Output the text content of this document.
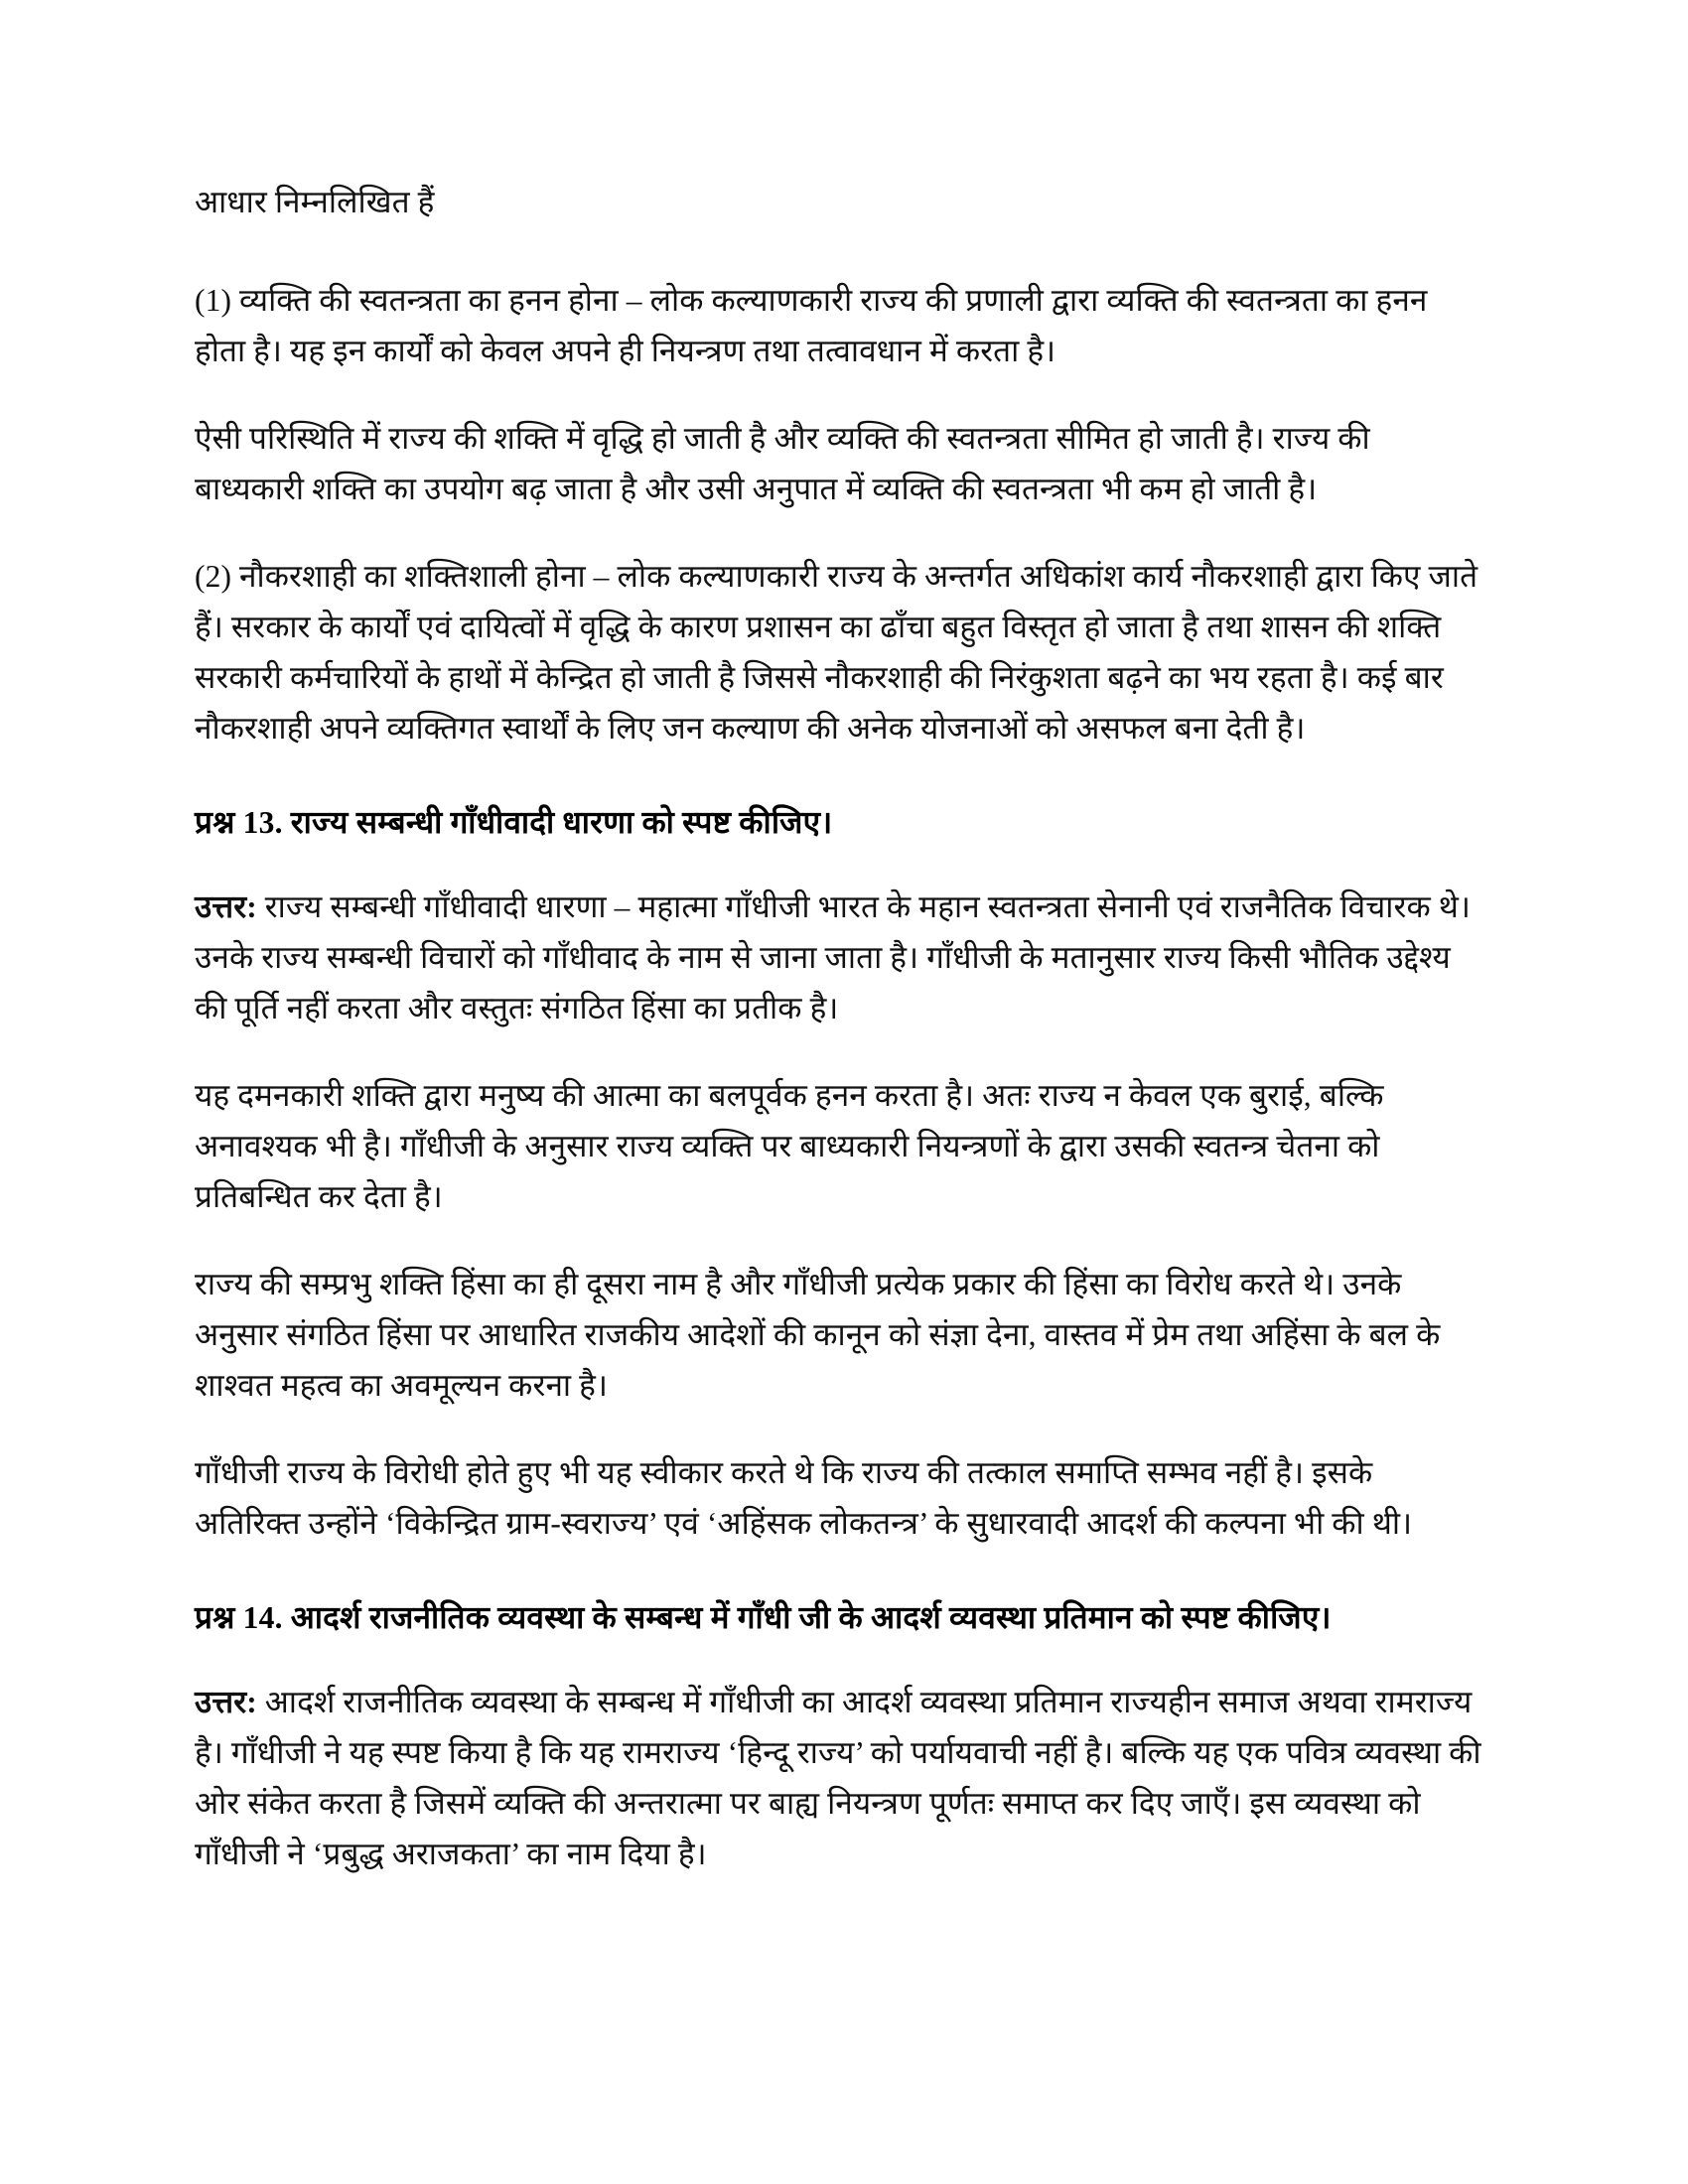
आधार निम्नलिखित हैं

(1) व्यक्ति की स्वतन्त्रता का हनन होना – लोक कल्याणकारी राज्य की प्रणाली द्वारा व्यक्ति की स्वतन्त्रता का हनन होता है। यह इन कार्यों को केवल अपने ही नियन्त्रण तथा तत्वावधान में करता है।

ऐसी परिस्थिति में राज्य की शक्ति में वृद्धि हो जाती है और व्यक्ति की स्वतन्त्रता सीमित हो जाती है। राज्य की बाध्यकारी शक्ति का उपयोग बढ़ जाता है और उसी अनुपात में व्यक्ति की स्वतन्त्रता भी कम हो जाती है।

(2) नौकरशाही का शक्तिशाली होना – लोक कल्याणकारी राज्य के अन्तर्गत अधिकांश कार्य नौकरशाही द्वारा किए जाते हैं। सरकार के कार्यों एवं दायित्वों में वृद्धि के कारण प्रशासन का ढाँचा बहुत विस्तृत हो जाता है तथा शासन की शक्ति सरकारी कर्मचारियों के हाथों में केन्द्रित हो जाती है जिससे नौकरशाही की निरंकुशता बढ़ने का भय रहता है। कई बार नौकरशाही अपने व्यक्तिगत स्वार्थों के लिए जन कल्याण की अनेक योजनाओं को असफल बना देती है।

प्रश्न 13. राज्य सम्बन्धी गाँधीवादी धारणा को स्पष्ट कीजिए।

उत्तर: राज्य सम्बन्धी गाँधीवादी धारणा – महात्मा गाँधीजी भारत के महान स्वतन्त्रता सेनानी एवं राजनैतिक विचारक थे। उनके राज्य सम्बन्धी विचारों को गाँधीवाद के नाम से जाना जाता है। गाँधीजी के मतानुसार राज्य किसी भौतिक उद्देश्य की पूर्ति नहीं करता और वस्तुतः संगठित हिंसा का प्रतीक है।

यह दमनकारी शक्ति द्वारा मनुष्य की आत्मा का बलपूर्वक हनन करता है। अतः राज्य न केवल एक बुराई, बल्कि अनावश्यक भी है। गाँधीजी के अनुसार राज्य व्यक्ति पर बाध्यकारी नियन्त्रणों के द्वारा उसकी स्वतन्त्र चेतना को प्रतिबन्धित कर देता है।

राज्य की सम्प्रभु शक्ति हिंसा का ही दूसरा नाम है और गाँधीजी प्रत्येक प्रकार की हिंसा का विरोध करते थे। उनके अनुसार संगठित हिंसा पर आधारित राजकीय आदेशों की कानून को संज्ञा देना, वास्तव में प्रेम तथा अहिंसा के बल के शाश्वत महत्व का अवमूल्यन करना है।

गाँधीजी राज्य के विरोधी होते हुए भी यह स्वीकार करते थे कि राज्य की तत्काल समाप्ति सम्भव नहीं है। इसके अतिरिक्त उन्होंने ‘विकेन्द्रित ग्राम-स्वराज्य’ एवं ‘अहिंसक लोकतन्त्र’ के सुधारवादी आदर्श की कल्पना भी की थी।

प्रश्न 14. आदर्श राजनीतिक व्यवस्था के सम्बन्ध में गाँधी जी के आदर्श व्यवस्था प्रतिमान को स्पष्ट कीजिए।

उत्तर: आदर्श राजनीतिक व्यवस्था के सम्बन्ध में गाँधीजी का आदर्श व्यवस्था प्रतिमान राज्यहीन समाज अथवा रामराज्य है। गाँधीजी ने यह स्पष्ट किया है कि यह रामराज्य ‘हिन्दू राज्य’ को पर्यायवाची नहीं है। बल्कि यह एक पवित्र व्यवस्था की ओर संकेत करता है जिसमें व्यक्ति की अन्तरात्मा पर बाह्य नियन्त्रण पूर्णतः समाप्त कर दिए जाएँ। इस व्यवस्था को गाँधीजी ने ‘प्रबुद्ध अराजकता’ का नाम दिया है।
